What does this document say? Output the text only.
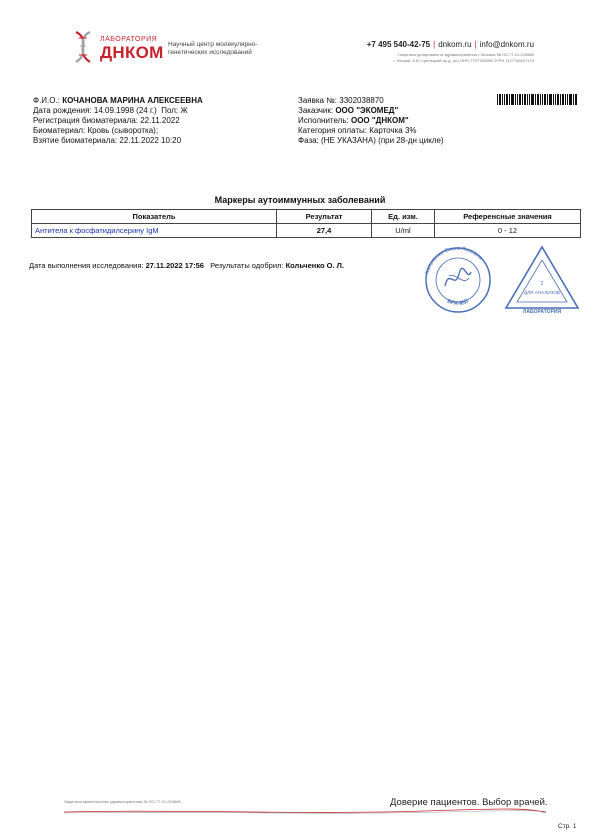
ЛАБОРАТОРИЯ
ДНКОМ Научный центр молекулярно-генетических исследований
+7 495 540-42-75 | dnkom.ru | info@dnkom.ru
Лицензия департамента здравоохранения г. Москвы № ЛО-77-01-019880
г. Москва, 4-й Стрелецкий пр-д, 4с1 ИНН 7707768598 ОГРН 1127746047175
Ф.И.О.: КОЧАНОВА МАРИНА АЛЕКСЕЕВНА
Дата рождения: 14.09.1998 (24 г.) Пол: Ж
Регистрация биоматериала: 22.11.2022
Биоматериал: Кровь (сыворотка);
Взятие биоматериала: 22.11.2022 10:20
Заявка №: 3302038870
Заказчик: ООО "ЭКОМЕД"
Исполнитель: ООО "ДНКОМ"
Категория оплаты: Карточка 3%
Фаза: (НЕ УКАЗАНА) (при 28-дн цикле)
Маркеры аутоиммунных заболеваний
Показатель	Результат	Ед. изм.	Референсные значения
Антитела к фосфатидилсерину IgM	27,4	U/ml	0 - 12
Дата выполнения исследования: 27.11.2022 17:56 Результаты одобрил: Кольченко О. Л.
Кольченко Ольга Львовна
ВРАЧЕЙ
2
ДЛЯ АНАЛИЗОВ
ЛАБОРАТОРИЯ
Лицензия министерства здравоохранения № ЛО-77-01-019880	Доверие пациентов. Выбор врачей.
Стр. 1
